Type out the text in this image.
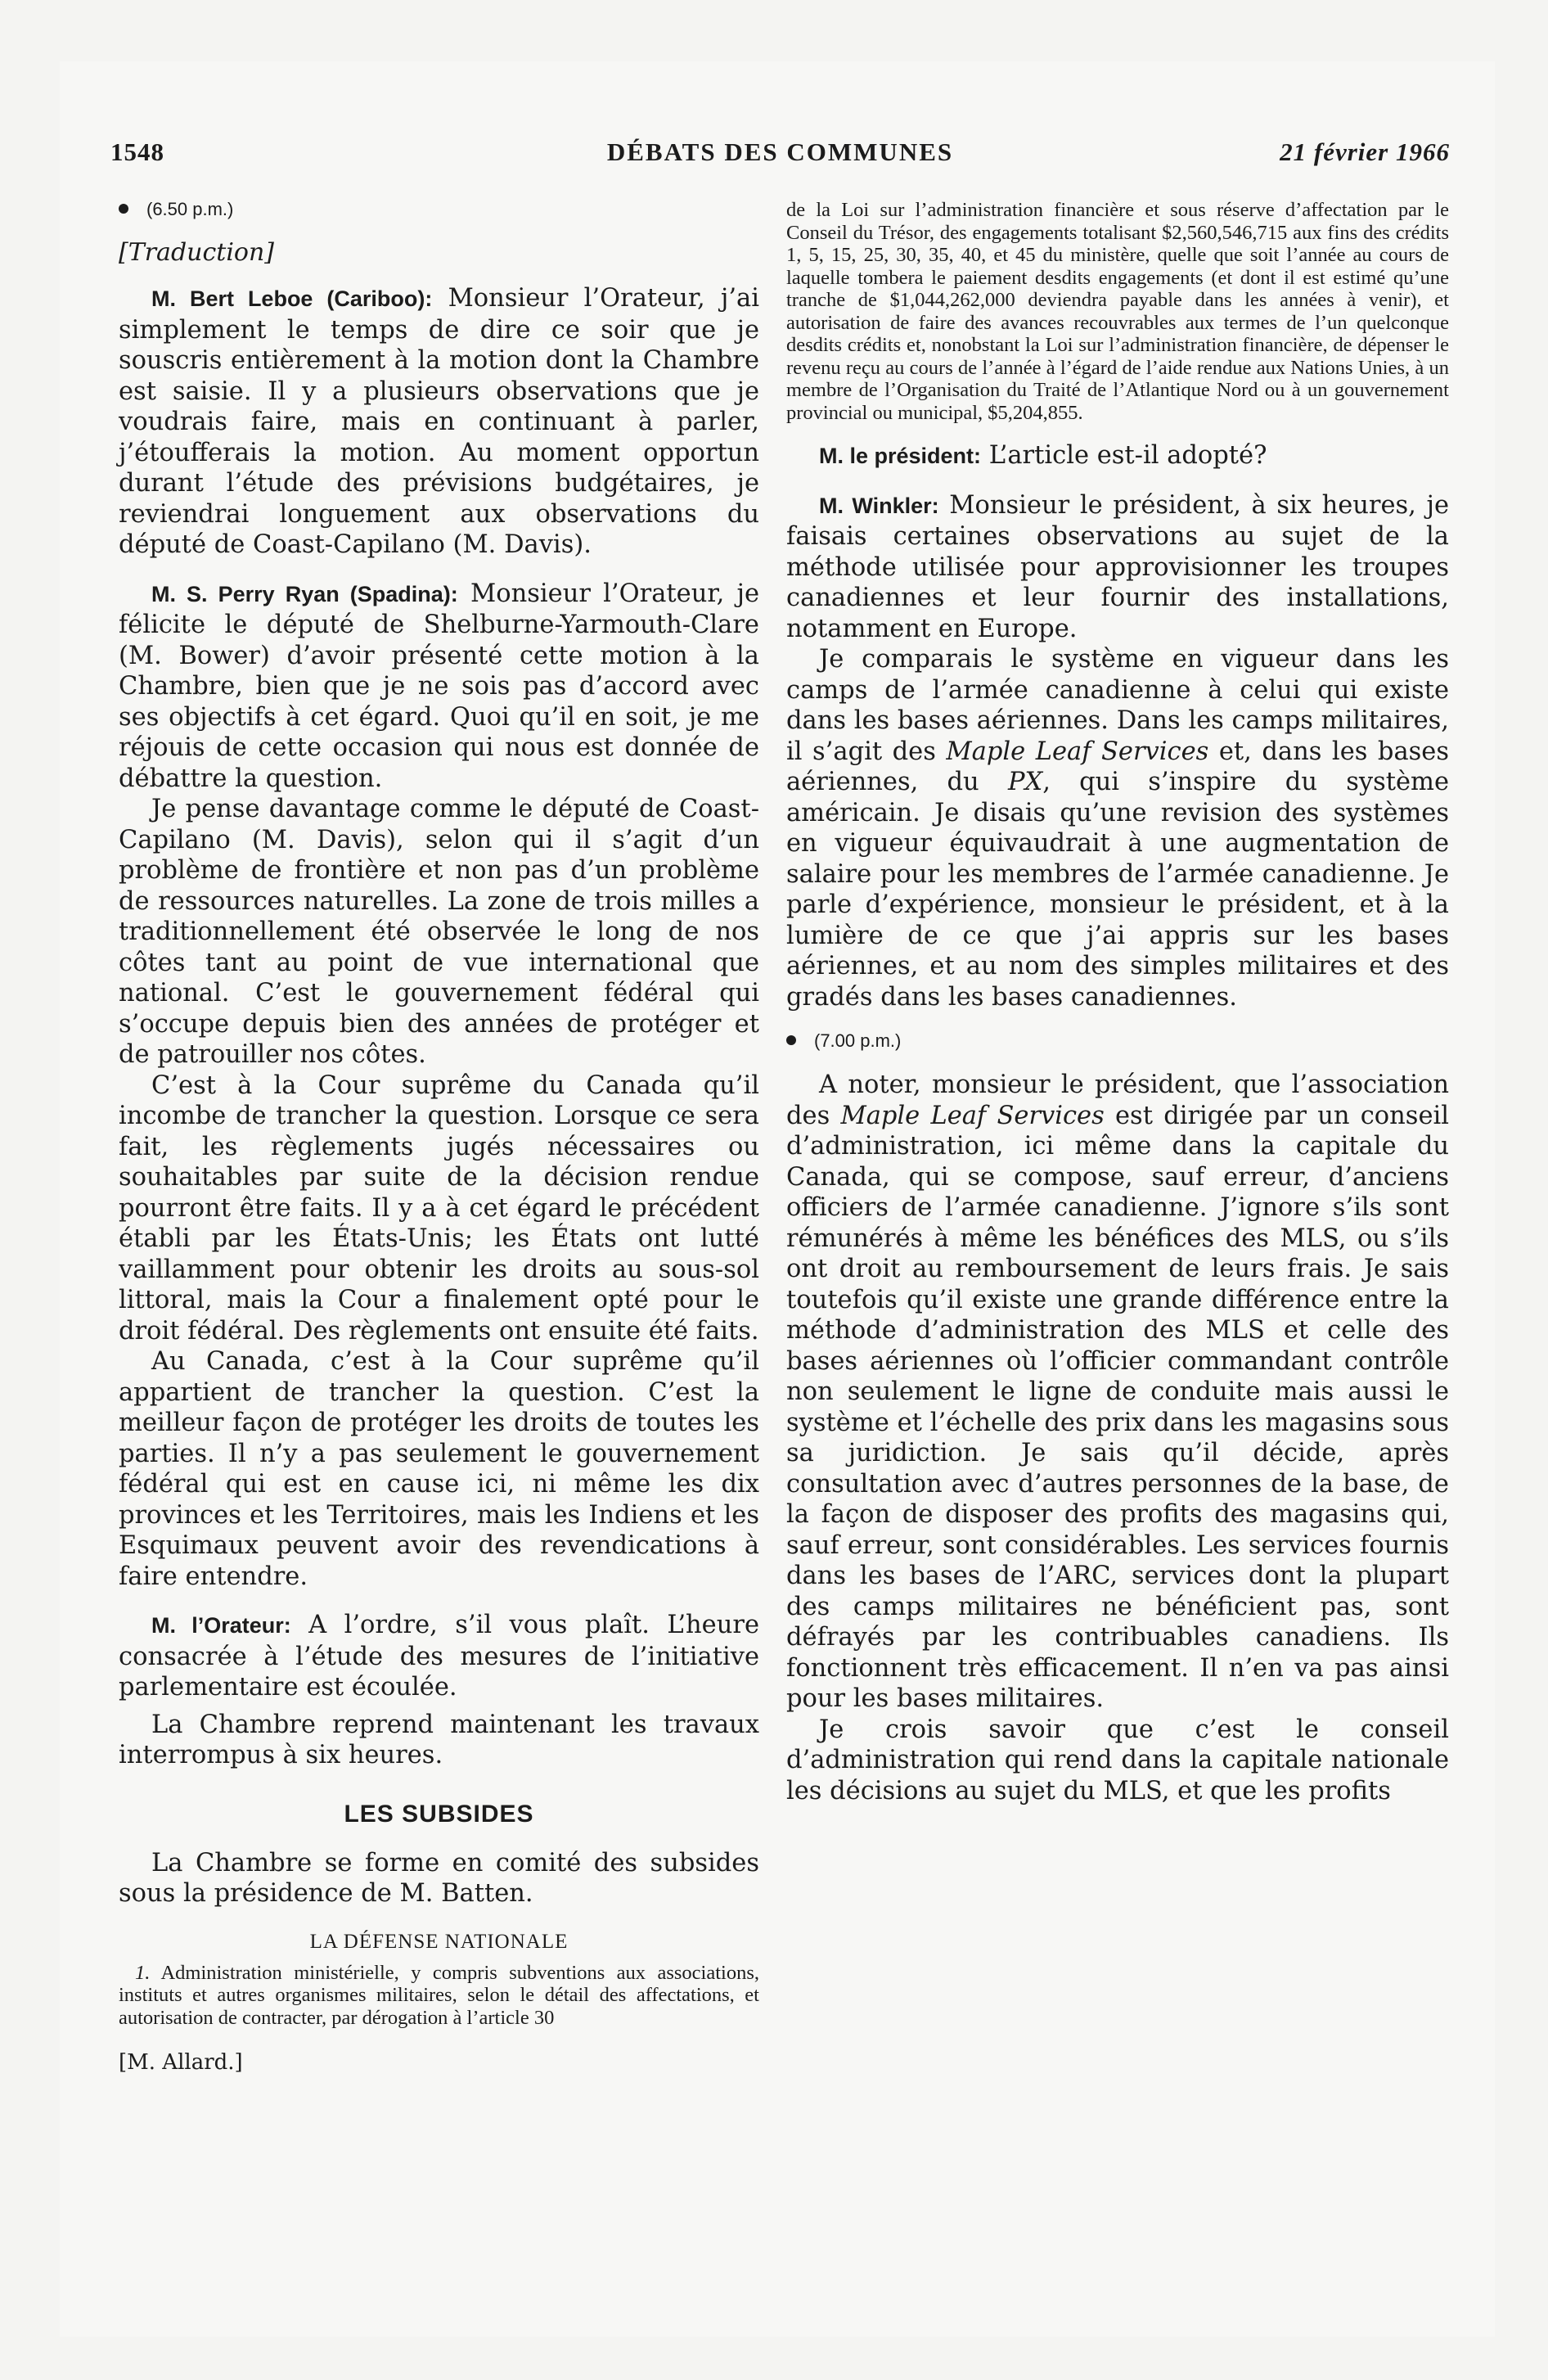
1548	DÉBATS DES COMMUNES	21 février 1966
(6.50 p.m.)

[Traduction]

M. Bert Leboe (Cariboo): Monsieur l’Orateur, j’ai simplement le temps de dire ce soir que je souscris entièrement à la motion dont la Chambre est saisie. Il y a plusieurs observations que je voudrais faire, mais en continuant à parler, j’étoufferais la motion. Au moment opportun durant l’étude des prévisions budgétaires, je reviendrai longuement aux observations du député de Coast-Capilano (M. Davis).

M. S. Perry Ryan (Spadina): Monsieur l’Orateur, je félicite le député de Shelburne-Yarmouth-Clare (M. Bower) d’avoir présenté cette motion à la Chambre, bien que je ne sois pas d’accord avec ses objectifs à cet égard. Quoi qu’il en soit, je me réjouis de cette occasion qui nous est donnée de débattre la question.

Je pense davantage comme le député de Coast-Capilano (M. Davis), selon qui il s’agit d’un problème de frontière et non pas d’un problème de ressources naturelles. La zone de trois milles a traditionnellement été observée le long de nos côtes tant au point de vue international que national. C’est le gouvernement fédéral qui s’occupe depuis bien des années de protéger et de patrouiller nos côtes.

C’est à la Cour suprême du Canada qu’il incombe de trancher la question. Lorsque ce sera fait, les règlements jugés nécessaires ou souhaitables par suite de la décision rendue pourront être faits. Il y a à cet égard le précédent établi par les États-Unis; les États ont lutté vaillamment pour obtenir les droits au sous-sol littoral, mais la Cour a finalement opté pour le droit fédéral. Des règlements ont ensuite été faits.

Au Canada, c’est à la Cour suprême qu’il appartient de trancher la question. C’est la meilleur façon de protéger les droits de toutes les parties. Il n’y a pas seulement le gouvernement fédéral qui est en cause ici, ni même les dix provinces et les Territoires, mais les Indiens et les Esquimaux peuvent avoir des revendications à faire entendre.

M. l’Orateur: A l’ordre, s’il vous plaît. L’heure consacrée à l’étude des mesures de l’initiative parlementaire est écoulée.

La Chambre reprend maintenant les travaux interrompus à six heures.

LES SUBSIDES

La Chambre se forme en comité des subsides sous la présidence de M. Batten.

LA DÉFENSE NATIONALE

1. Administration ministérielle, y compris subventions aux associations, instituts et autres organismes militaires, selon le détail des affectations, et autorisation de contracter, par dérogation à l’article 30

[M. Allard.]

de la Loi sur l’administration financière et sous réserve d’affectation par le Conseil du Trésor, des engagements totalisant $2,560,546,715 aux fins des crédits 1, 5, 15, 25, 30, 35, 40, et 45 du ministère, quelle que soit l’année au cours de laquelle tombera le paiement desdits engagements (et dont il est estimé qu’une tranche de $1,044,262,000 deviendra payable dans les années à venir), et autorisation de faire des avances recouvrables aux termes de l’un quelconque desdits crédits et, nonobstant la Loi sur l’administration financière, de dépenser le revenu reçu au cours de l’année à l’égard de l’aide rendue aux Nations Unies, à un membre de l’Organisation du Traité de l’Atlantique Nord ou à un gouvernement provincial ou municipal, $5,204,855.

M. le président: L’article est-il adopté?

M. Winkler: Monsieur le président, à six heures, je faisais certaines observations au sujet de la méthode utilisée pour approvisionner les troupes canadiennes et leur fournir des installations, notamment en Europe.

Je comparais le système en vigueur dans les camps de l’armée canadienne à celui qui existe dans les bases aériennes. Dans les camps militaires, il s’agit des Maple Leaf Services et, dans les bases aériennes, du PX, qui s’inspire du système américain. Je disais qu’une revision des systèmes en vigueur équivaudrait à une augmentation de salaire pour les membres de l’armée canadienne. Je parle d’expérience, monsieur le président, et à la lumière de ce que j’ai appris sur les bases aériennes, et au nom des simples militaires et des gradés dans les bases canadiennes.

(7.00 p.m.)

A noter, monsieur le président, que l’association des Maple Leaf Services est dirigée par un conseil d’administration, ici même dans la capitale du Canada, qui se compose, sauf erreur, d’anciens officiers de l’armée canadienne. J’ignore s’ils sont rémunérés à même les bénéfices des MLS, ou s’ils ont droit au remboursement de leurs frais. Je sais toutefois qu’il existe une grande différence entre la méthode d’administration des MLS et celle des bases aériennes où l’officier commandant contrôle non seulement le ligne de conduite mais aussi le système et l’échelle des prix dans les magasins sous sa juridiction. Je sais qu’il décide, après consultation avec d’autres personnes de la base, de la façon de disposer des profits des magasins qui, sauf erreur, sont considérables. Les services fournis dans les bases de l’ARC, services dont la plupart des camps militaires ne bénéficient pas, sont défrayés par les contribuables canadiens. Ils fonctionnent très efficacement. Il n’en va pas ainsi pour les bases militaires.

Je crois savoir que c’est le conseil d’administration qui rend dans la capitale nationale les décisions au sujet du MLS, et que les profits
